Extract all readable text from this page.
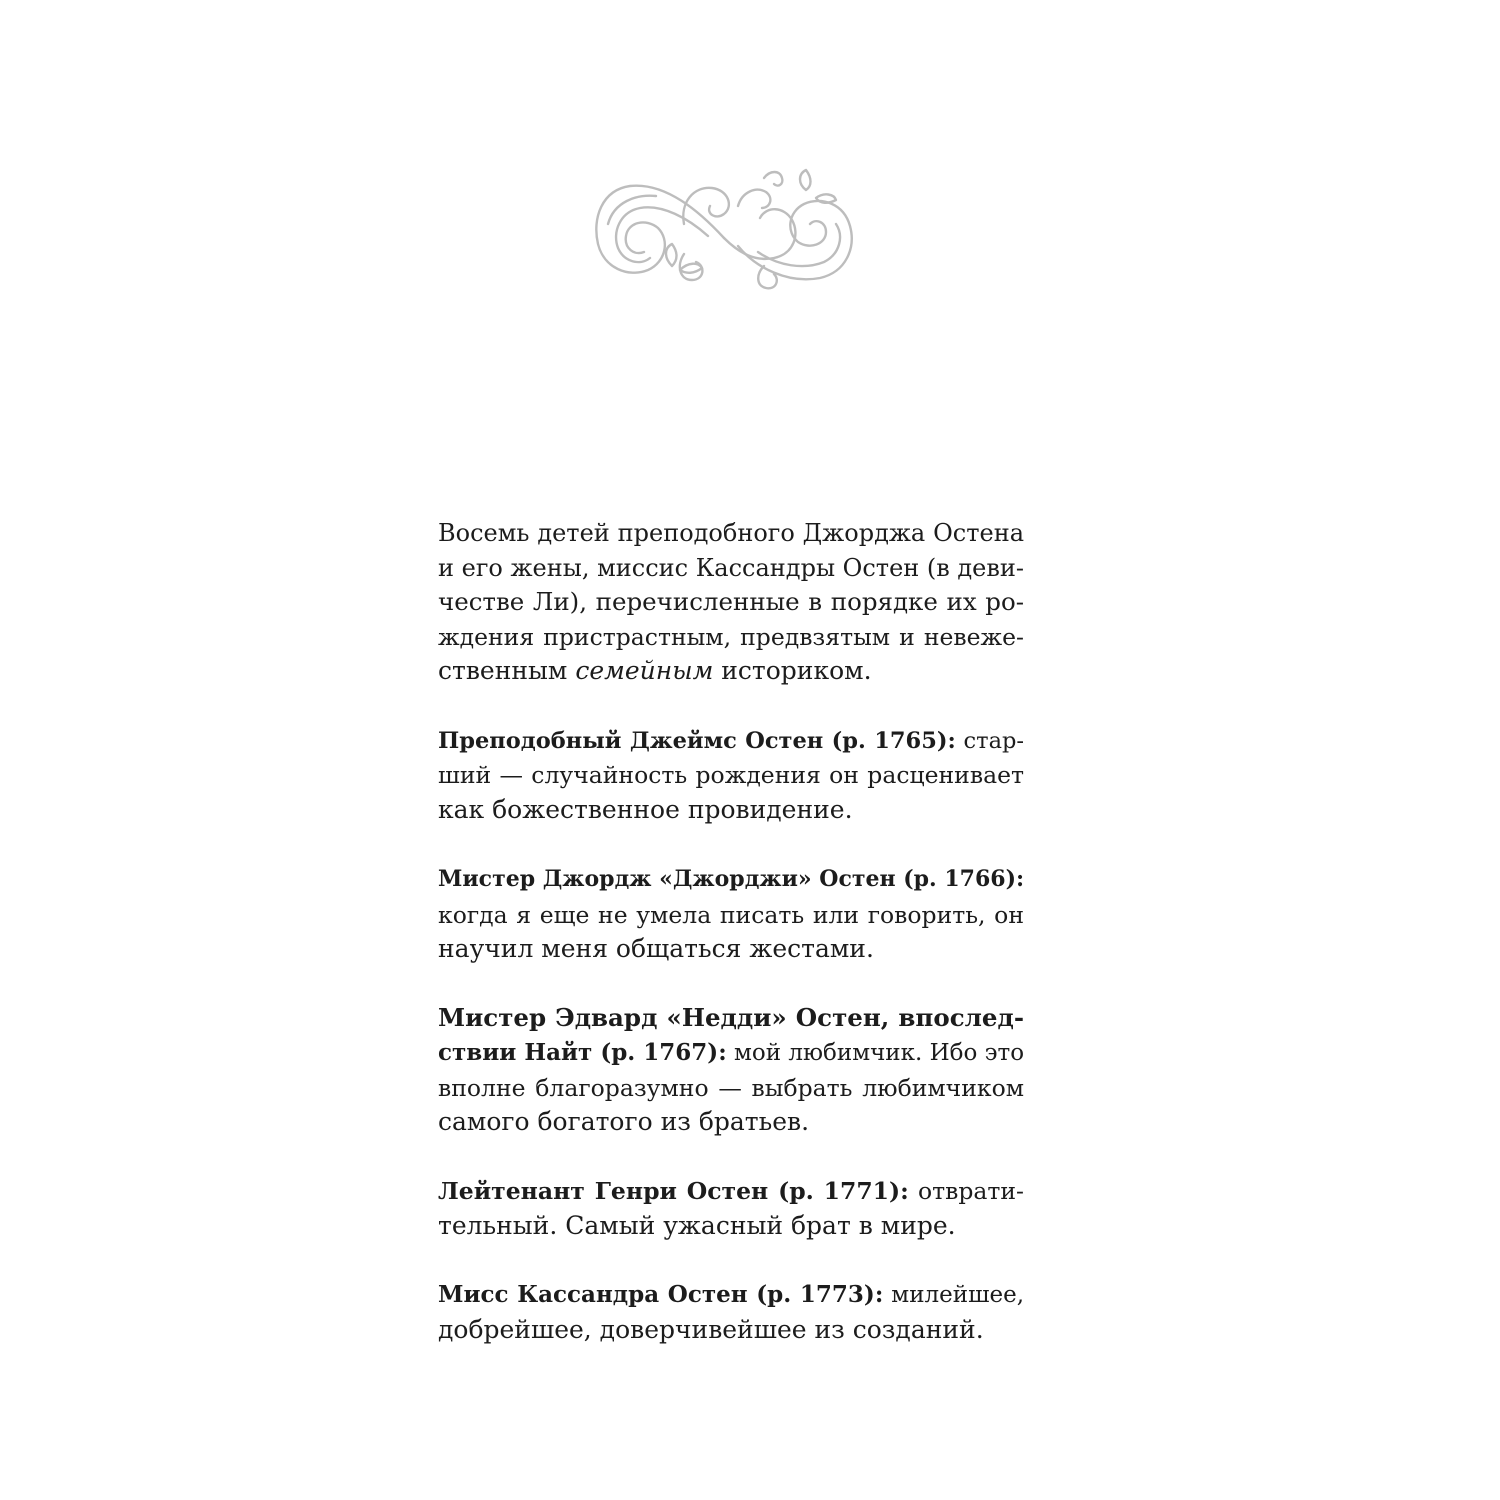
Восемь детей преподобного Джорджа Остена
и его жены, миссис Кассандры Остен (в деви-
честве Ли), перечисленные в порядке их ро-
ждения пристрастным, предвзятым и невеже-
ственным семейным историком.

Преподобный Джеймс Остен (р. 1765): стар-
ший — случайность рождения он расценивает
как божественное провидение.

Мистер Джордж «Джорджи» Остен (р. 1766):
когда я еще не умела писать или говорить, он
научил меня общаться жестами.

Мистер Эдвард «Недди» Остен, впослед-
ствии Найт (р. 1767): мой любимчик. Ибо это
вполне благоразумно — выбрать любимчиком
самого богатого из братьев.

Лейтенант Генри Остен (р. 1771): отврати-
тельный. Самый ужасный брат в мире.

Мисс Кассандра Остен (р. 1773): милейшее,
добрейшее, доверчивейшее из созданий.
